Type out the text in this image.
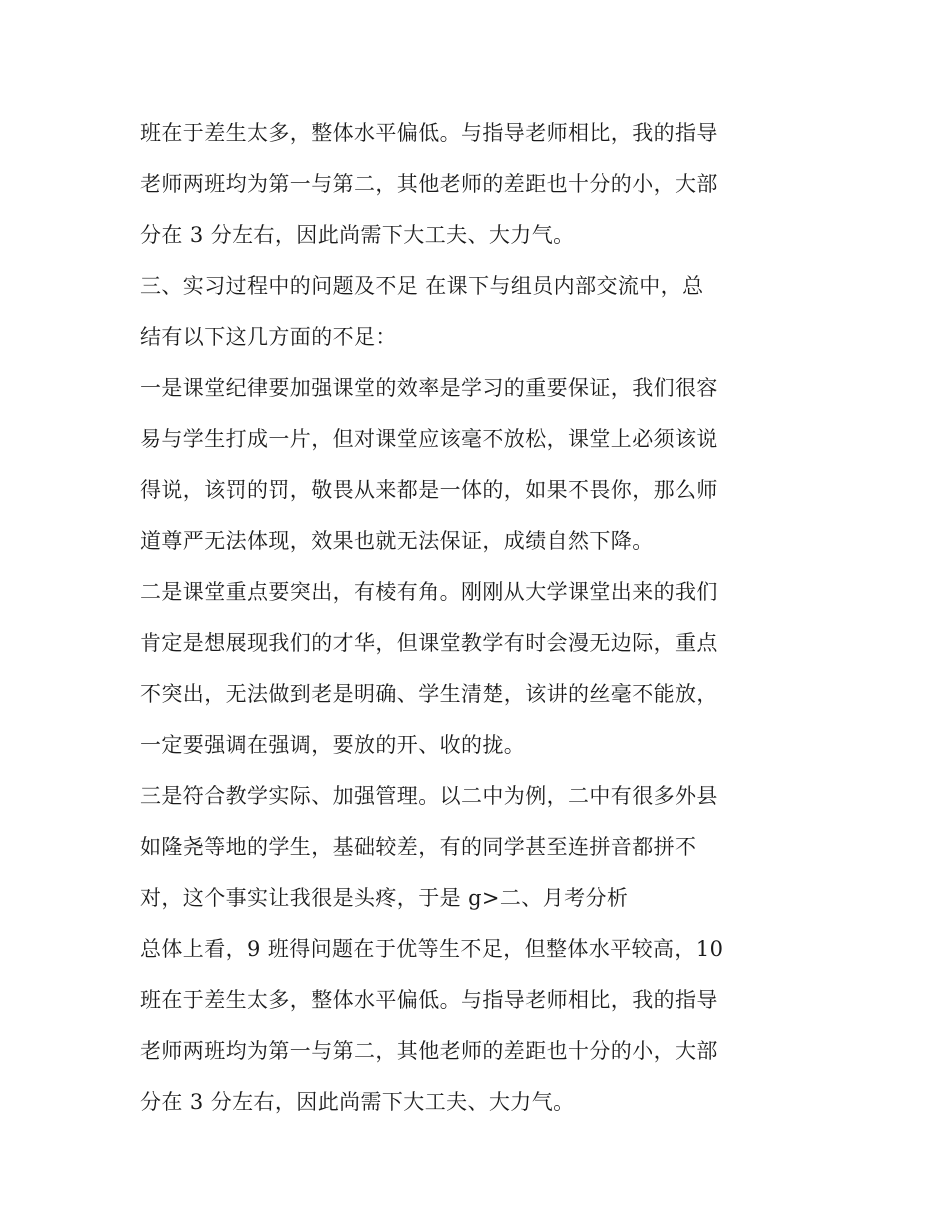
班在于差生太多，整体水平偏低。与指导老师相比，我的指导
老师两班均为第一与第二，其他老师的差距也十分的小，大部
分在 3 分左右，因此尚需下大工夫、大力气。
三、实习过程中的问题及不足 在课下与组员内部交流中，总
结有以下这几方面的不足：
一是课堂纪律要加强课堂的效率是学习的重要保证，我们很容
易与学生打成一片，但对课堂应该毫不放松，课堂上必须该说
得说，该罚的罚，敬畏从来都是一体的，如果不畏你，那么师
道尊严无法体现，效果也就无法保证，成绩自然下降。
二是课堂重点要突出，有棱有角。刚刚从大学课堂出来的我们
肯定是想展现我们的才华，但课堂教学有时会漫无边际，重点
不突出，无法做到老是明确、学生清楚，该讲的丝毫不能放，
一定要强调在强调，要放的开、收的拢。
三是符合教学实际、加强管理。以二中为例，二中有很多外县
如隆尧等地的学生，基础较差，有的同学甚至连拼音都拼不
对，这个事实让我很是头疼，于是 g>二、月考分析
总体上看，9 班得问题在于优等生不足，但整体水平较高，10
班在于差生太多，整体水平偏低。与指导老师相比，我的指导
老师两班均为第一与第二，其他老师的差距也十分的小，大部
分在 3 分左右，因此尚需下大工夫、大力气。
